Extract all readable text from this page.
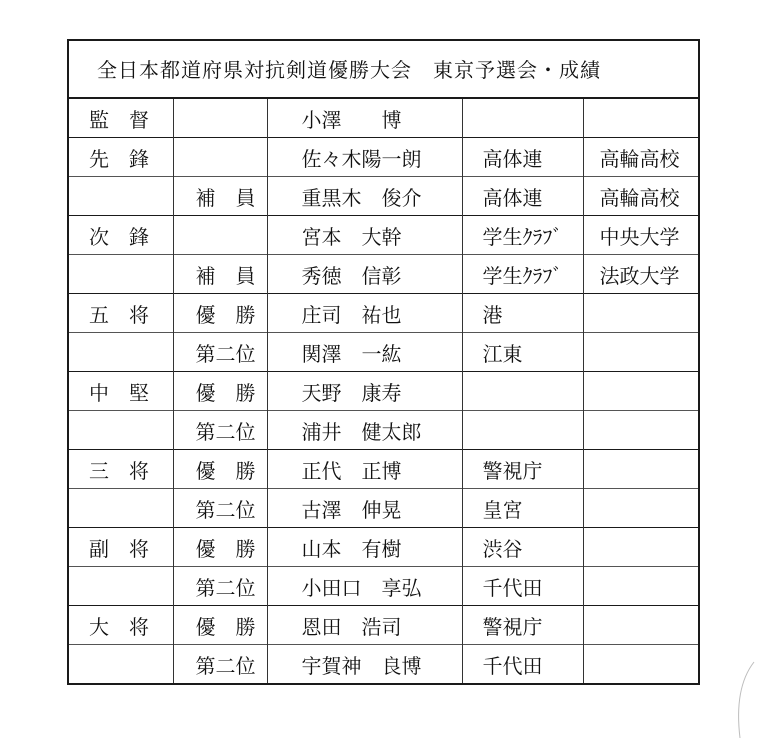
全日本都道府県対抗剣道優勝大会　東京予選会・成績
監　督		小澤　　博		
先　鋒		佐々木陽一朗	高体連	高輪高校
	補　員	重黒木　俊介	高体連	高輪高校
次　鋒		宮本　大幹	学生ｸﾗﾌﾞ	中央大学
	補　員	秀徳　信彰	学生ｸﾗﾌﾞ	法政大学
五　将	優　勝	庄司　祐也	港	
	第二位	関澤　一紘	江東	
中　堅	優　勝	天野　康寿		
	第二位	浦井　健太郎		
三　将	優　勝	正代　正博	警視庁	
	第二位	古澤　伸晃	皇宮	
副　将	優　勝	山本　有樹	渋谷	
	第二位	小田口　享弘	千代田	
大　将	優　勝	恩田　浩司	警視庁	
	第二位	宇賀神　良博	千代田	
